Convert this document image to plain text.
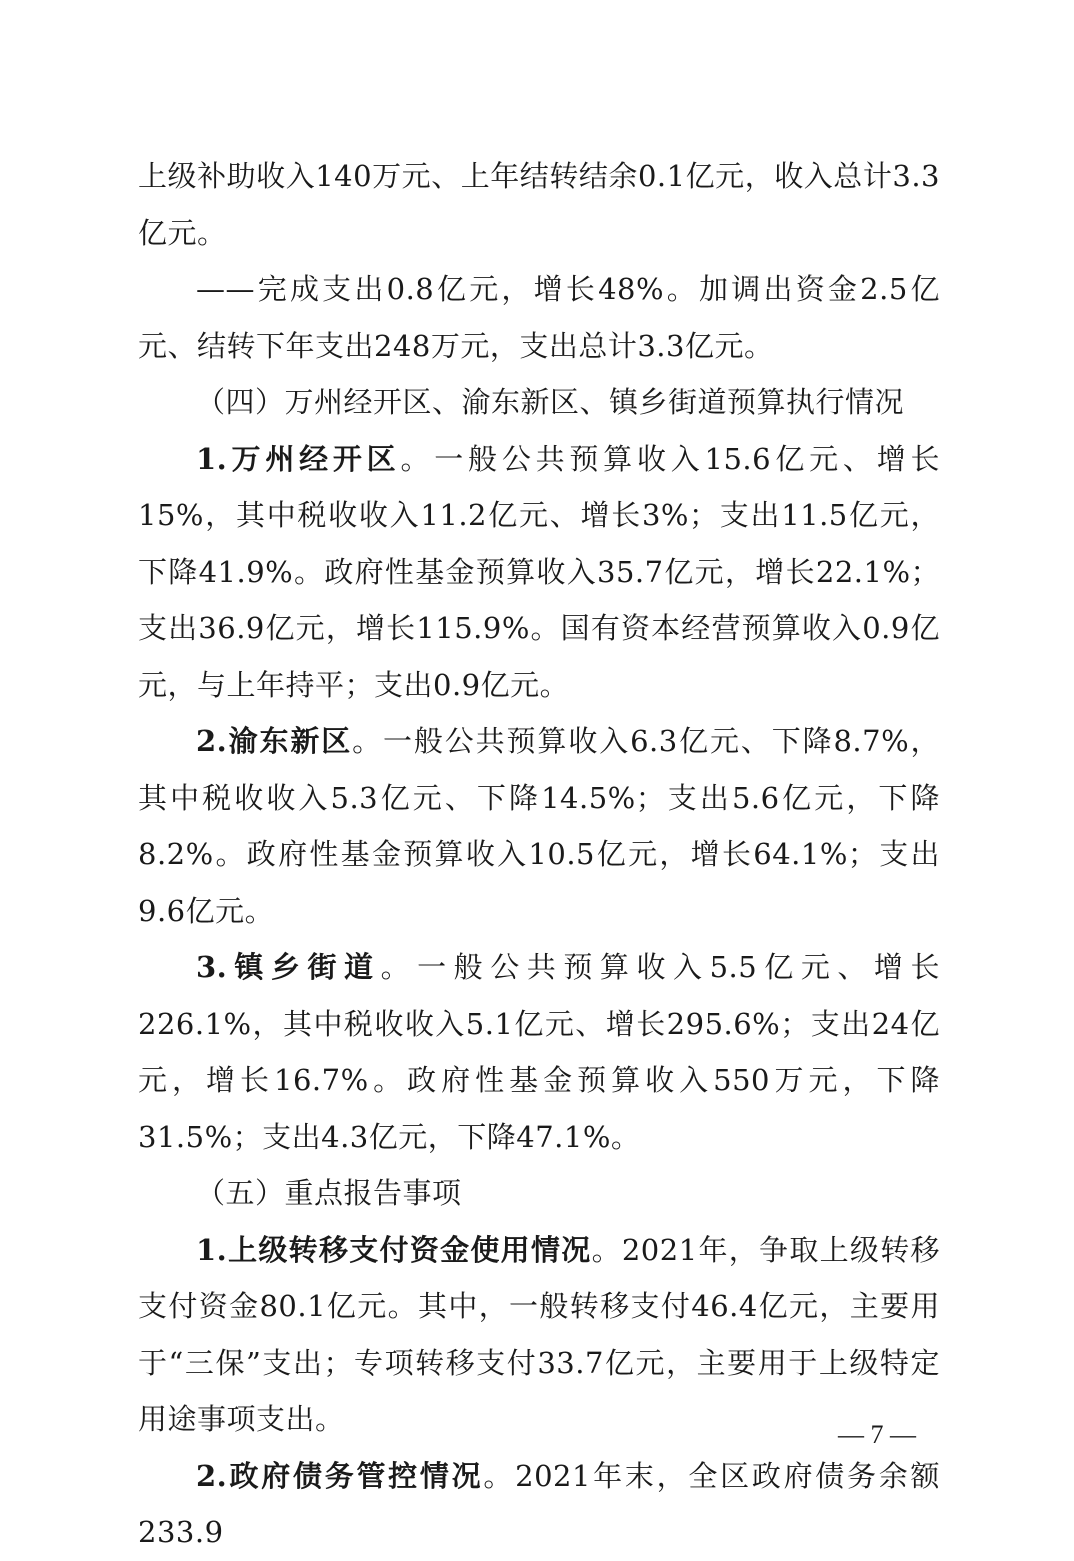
上级补助收入140万元、上年结转结余0.1亿元，收入总计3.3亿元。

——完成支出0.8亿元，增长48%。加调出资金2.5亿元、结转下年支出248万元，支出总计3.3亿元。

（四）万州经开区、渝东新区、镇乡街道预算执行情况

1.万州经开区。一般公共预算收入15.6亿元、增长15%，其中税收收入11.2亿元、增长3%；支出11.5亿元，下降41.9%。政府性基金预算收入35.7亿元，增长22.1%；支出36.9亿元，增长115.9%。国有资本经营预算收入0.9亿元，与上年持平；支出0.9亿元。

2.渝东新区。一般公共预算收入6.3亿元、下降8.7%，其中税收收入5.3亿元、下降14.5%；支出5.6亿元，下降8.2%。政府性基金预算收入10.5亿元，增长64.1%；支出9.6亿元。

3.镇乡街道。一般公共预算收入5.5亿元、增长226.1%，其中税收收入5.1亿元、增长295.6%；支出24亿元，增长16.7%。政府性基金预算收入550万元，下降31.5%；支出4.3亿元，下降47.1%。

（五）重点报告事项

1.上级转移支付资金使用情况。2021年，争取上级转移支付资金80.1亿元。其中，一般转移支付46.4亿元，主要用于“三保”支出；专项转移支付33.7亿元，主要用于上级特定用途事项支出。

2.政府债务管控情况。2021年末，全区政府债务余额233.9

— 7 —
